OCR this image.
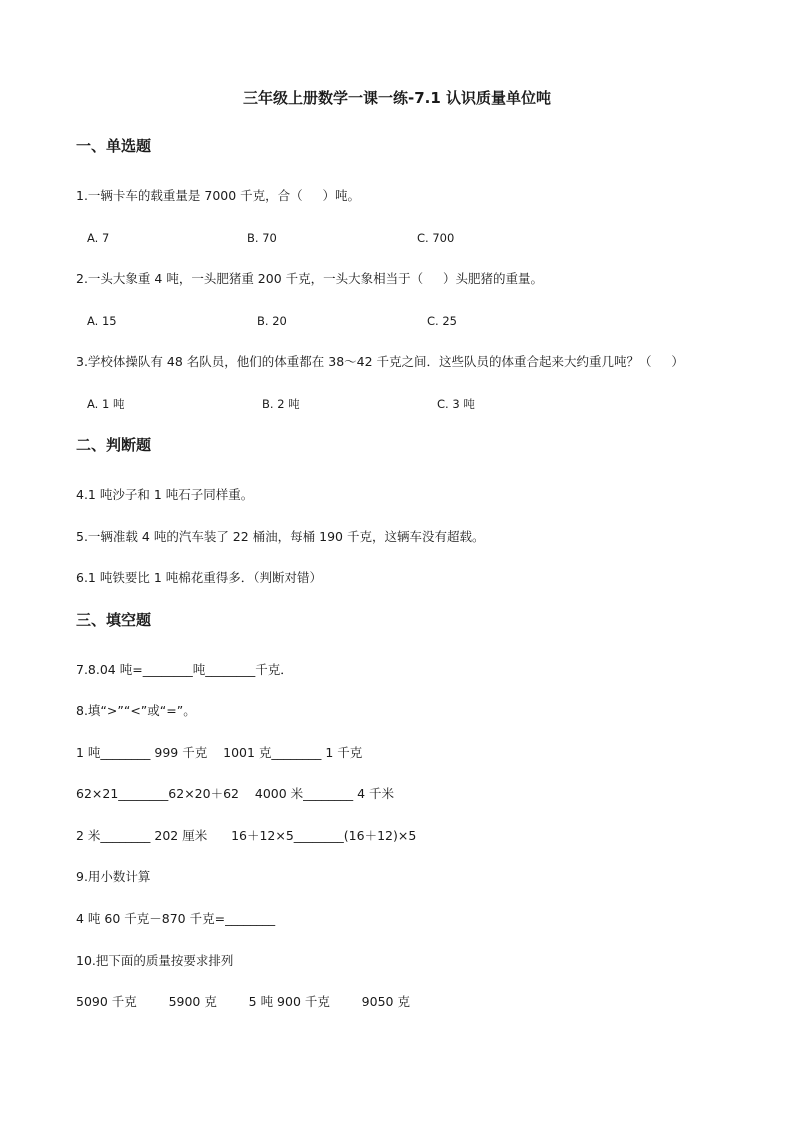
三年级上册数学一课一练-7.1 认识质量单位吨
一、单选题
1.一辆卡车的载重量是 7000 千克，合（     ）吨。
A. 7	B. 70	C. 700
2.一头大象重 4 吨，一头肥猪重 200 千克，一头大象相当于（     ）头肥猪的重量。
A. 15	B. 20	C. 25
3.学校体操队有 48 名队员，他们的体重都在 38～42 千克之间．这些队员的体重合起来大约重几吨？（     ）
A. 1 吨	B. 2 吨	C. 3 吨
二、判断题
4.1 吨沙子和 1 吨石子同样重。
5.一辆准载 4 吨的汽车装了 22 桶油，每桶 190 千克，这辆车没有超载。
6.1 吨铁要比 1 吨棉花重得多．（判断对错）
三、填空题
7.8.04 吨=________吨________千克．
8.填“>”“<”或“=”。
1 吨________ 999 千克    1001 克________ 1 千克
62×21________62×20＋62    4000 米________ 4 千米
2 米________ 202 厘米      16＋12×5________(16＋12)×5
9.用小数计算
4 吨 60 千克－870 千克=________
10.把下面的质量按要求排列
5090 千克        5900 克        5 吨 900 千克        9050 克
